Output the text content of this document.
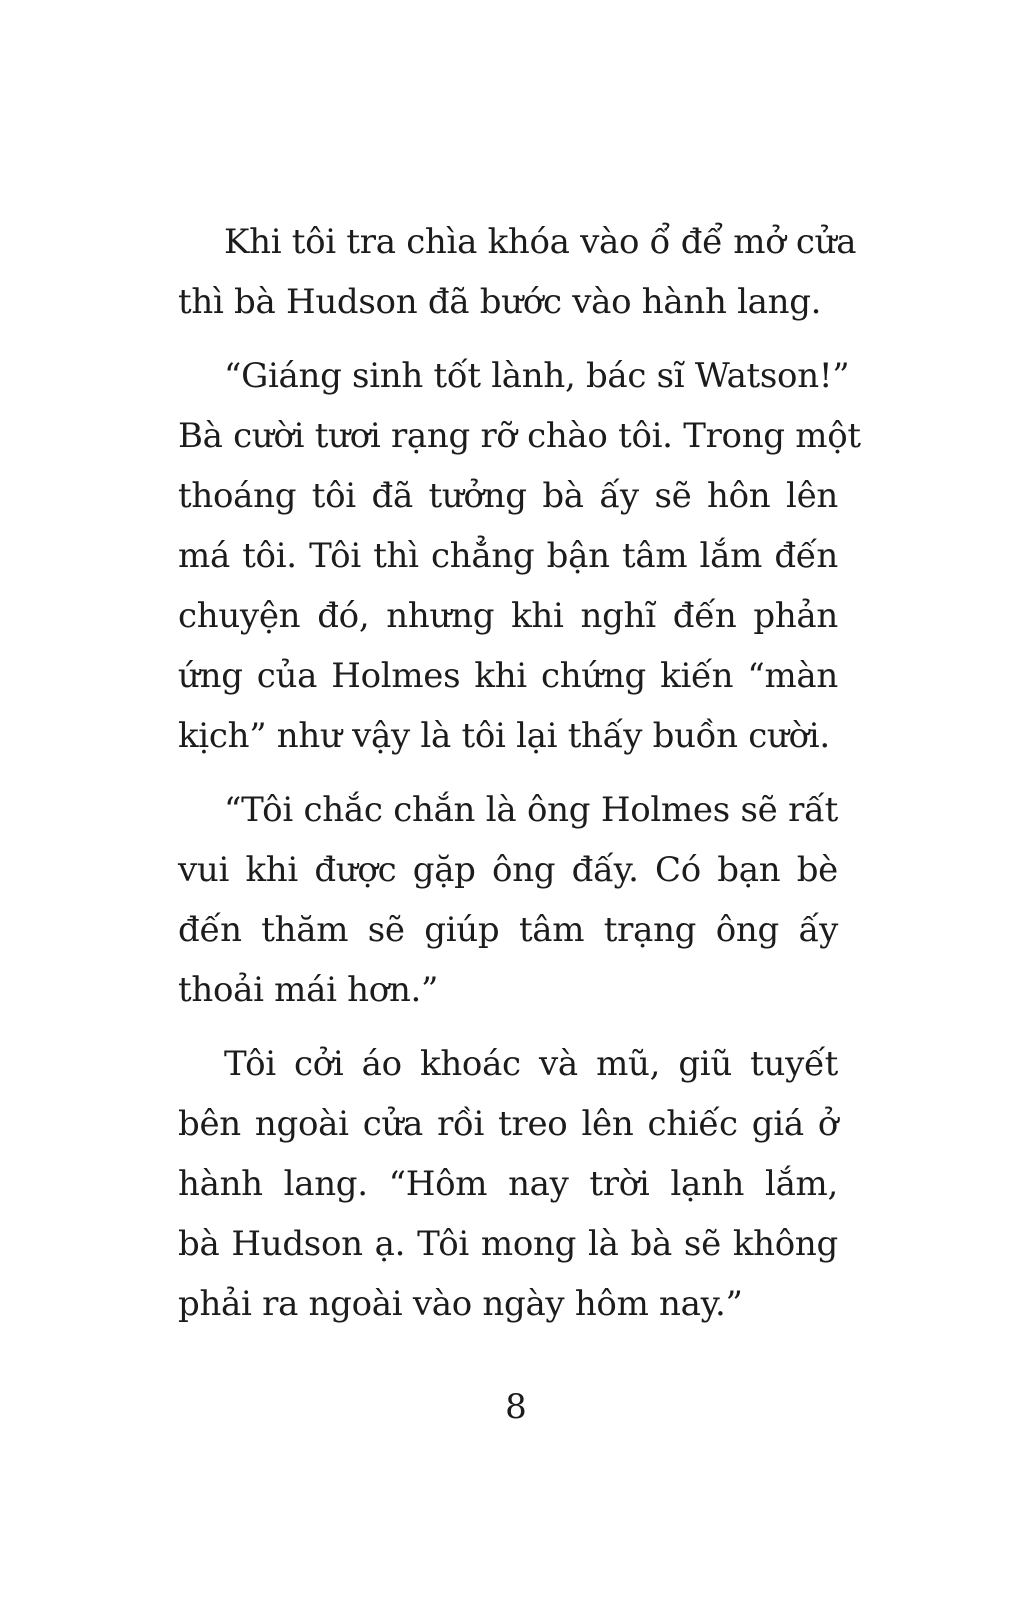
Khi tôi tra chìa khóa vào ổ để mở cửa
thì bà Hudson đã bước vào hành lang.
“Giáng sinh tốt lành, bác sĩ Watson!”
Bà cười tươi rạng rỡ chào tôi. Trong một
thoáng tôi đã tưởng bà ấy sẽ hôn lên
má tôi. Tôi thì chẳng bận tâm lắm đến
chuyện đó, nhưng khi nghĩ đến phản
ứng của Holmes khi chứng kiến “màn
kịch” như vậy là tôi lại thấy buồn cười.
“Tôi chắc chắn là ông Holmes sẽ rất
vui khi được gặp ông đấy. Có bạn bè
đến thăm sẽ giúp tâm trạng ông ấy
thoải mái hơn.”
Tôi cởi áo khoác và mũ, giũ tuyết
bên ngoài cửa rồi treo lên chiếc giá ở
hành lang. “Hôm nay trời lạnh lắm,
bà Hudson ạ. Tôi mong là bà sẽ không
phải ra ngoài vào ngày hôm nay.”
8
